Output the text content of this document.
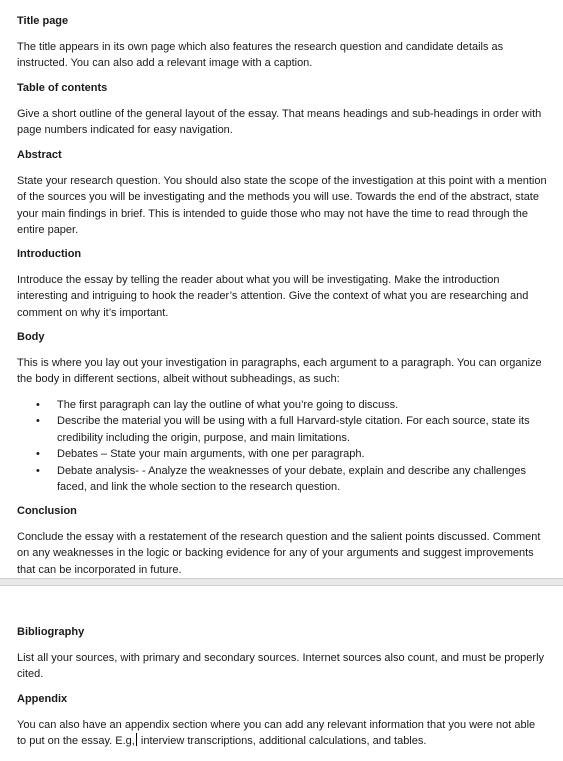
Title page

The title appears in its own page which also features the research question and candidate details as instructed. You can also add a relevant image with a caption.

Table of contents

Give a short outline of the general layout of the essay. That means headings and sub-headings in order with page numbers indicated for easy navigation.

Abstract

State your research question. You should also state the scope of the investigation at this point with a mention of the sources you will be investigating and the methods you will use. Towards the end of the abstract, state your main findings in brief. This is intended to guide those who may not have the time to read through the entire paper.

Introduction

Introduce the essay by telling the reader about what you will be investigating. Make the introduction interesting and intriguing to hook the reader’s attention. Give the context of what you are researching and comment on why it’s important.

Body

This is where you lay out your investigation in paragraphs, each argument to a paragraph. You can organize the body in different sections, albeit without subheadings, as such:

•	The first paragraph can lay the outline of what you’re going to discuss.
•	Describe the material you will be using with a full Harvard-style citation. For each source, state its credibility including the origin, purpose, and main limitations.
•	Debates – State your main arguments, with one per paragraph.
•	Debate analysis- - Analyze the weaknesses of your debate, explain and describe any challenges faced, and link the whole section to the research question.
Conclusion

Conclude the essay with a restatement of the research question and the salient points discussed. Comment on any weaknesses in the logic or backing evidence for any of your arguments and suggest improvements that can be incorporated in future.

Bibliography

List all your sources, with primary and secondary sources. Internet sources also count, and must be properly cited.

Appendix

You can also have an appendix section where you can add any relevant information that you were not able to put on the essay. E.g, interview transcriptions, additional calculations, and tables.
